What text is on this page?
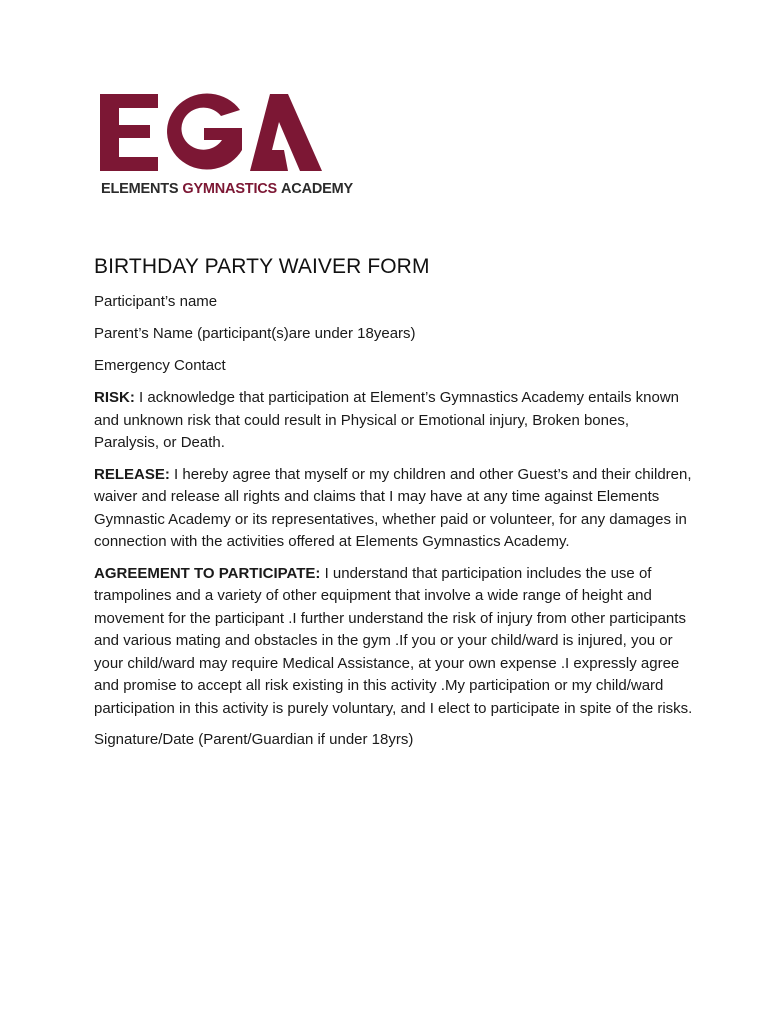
ELEMENTS GYMNASTICS ACADEMY
BIRTHDAY PARTY WAIVER FORM

Participant’s name

Parent’s Name (participant(s)are under 18years)

Emergency Contact

RISK: I acknowledge that participation at Element’s Gymnastics Academy entails known and unknown risk that could result in Physical or Emotional injury, Broken bones, Paralysis, or Death.

RELEASE: I hereby agree that myself or my children and other Guest’s and their children, waiver and release all rights and claims that I may have at any time against Elements Gymnastic Academy or its representatives, whether paid or volunteer, for any damages in connection with the activities offered at Elements Gymnastics Academy.

AGREEMENT TO PARTICIPATE: I understand that participation includes the use of trampolines and a variety of other equipment that involve a wide range of height and movement for the participant .I further understand the risk of injury from other participants and various mating and obstacles in the gym .If you or your child/ward is injured, you or your child/ward may require Medical Assistance, at your own expense .I expressly agree and promise to accept all risk existing in this activity .My participation or my child/ward participation in this activity is purely voluntary, and I elect to participate in spite of the risks.

Signature/Date (Parent/Guardian if under 18yrs)
